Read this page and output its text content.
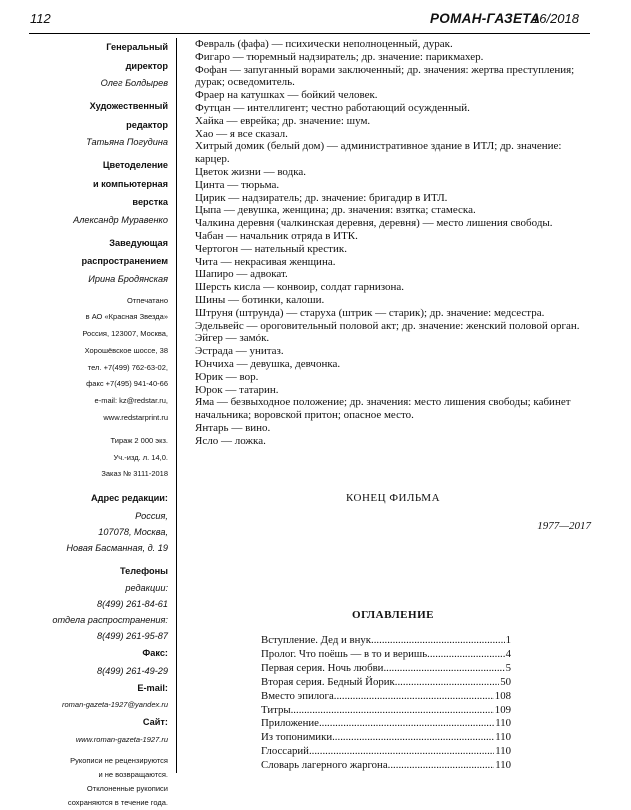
112	РОМАН-ГАЗЕТА
16/2018
Генеральный
директор
Олег Болдырев
Художественный
редактор
Татьяна Погудина
Цветоделение
и компьютерная
верстка
Александр Муравенко
Заведующая
распространением
Ирина Бродянская
Отпечатано
в АО «Красная Звезда»
Россия, 123007, Москва,
Хорошёвское шоссе, 38
тел. +7(499) 762-63-02,
факс +7(495) 941-40-66
e-mail: kz@redstar.ru,
www.redstarprint.ru
Тираж 2 000 экз.
Уч.-изд. л. 14,0.
Заказ № 3111-2018
Адрес редакции:
Россия,
107078, Москва,
Новая Басманная, д. 19
Телефоны
редакции:
8(499) 261-84-61
отдела распространения:
8(499) 261-95-87
Факс:
8(499) 261-49-29
E-mail:
roman-gazeta-1927@yandex.ru
Сайт:
www.roman-gazeta-1927.ru
Рукописи не рецензируются
и не возвращаются.
Отклоненные рукописи
сохраняются в течение года.
Февраль (фафа) — психически неполноценный, дурак.
Фигаро — тюремный надзиратель; др. значение: парикмахер.
Фофан — запуганный ворами заключенный; др. значения: жертва преступления; дурак; осведомитель.
Фраер на катушках — бойкий человек.
Футцан — интеллигент; честно работающий осужденный.
Хайка — еврейка; др. значение: шум.
Хао — я все сказал.
Хитрый домик (белый дом) — административное здание в ИТЛ; др. значение: карцер.
Цветок жизни — водка.
Цинта — тюрьма.
Цирик — надзиратель; др. значение: бригадир в ИТЛ.
Цыпа — девушка, женщина; др. значения: взятка; стамеска.
Чалкина деревня (чалкинская деревня, деревня) — место лишения свободы.
Чабан — начальник отряда в ИТК.
Чертогон — нательный крестик.
Чита — некрасивая женщина.
Шапиро — адвокат.
Шерсть кисла — конвоир, солдат гарнизона.
Шины — ботинки, калоши.
Штруня (штрунда) — старуха (штрик — старик); др. значение: медсестра.
Эдельвейс — ороговительный половой акт; др. значение: женский половой орган.
Эйгер — замóк.
Эстрада — унитаз.
Юнчиха — девушка, девчонка.
Юрик — вор.
Юрок — татарин.
Яма — безвыходное положение; др. значения: место лишения свободы; кабинет начальника; воровской притон; опасное место.
Янтарь — вино.
Ясло — ложка.
КОНЕЦ ФИЛЬМА
1977—2017
ОГЛАВЛЕНИЕ
Вступление. Дед и внук .....	1
Пролог. Что поёшь — в то и веришь .....	4
Первая серия. Ночь любви .....	5
Вторая серия. Бедный Йорик .....	50
Вместо эпилога .....	108
Титры .....	109
Приложение .....	110
Из топонимики .....	110
Глоссарий .....	110
Словарь лагерного жаргона .....	110
